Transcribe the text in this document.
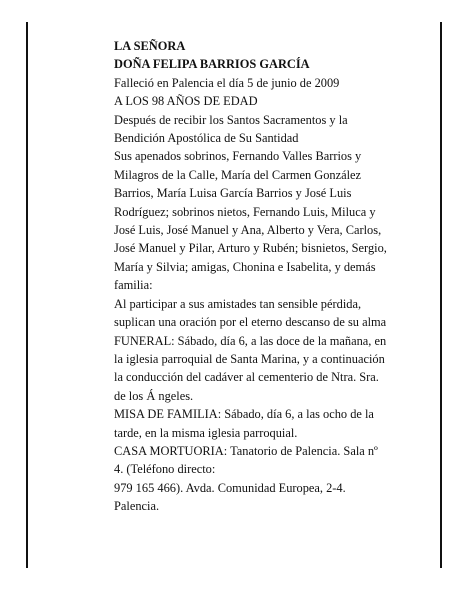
LA SEÑORA

DOÑA FELIPA BARRIOS GARCÍA

Falleció en Palencia el día 5 de junio de 2009

A LOS 98 AÑOS DE EDAD

Después de recibir los Santos Sacramentos y la
Bendición Apostólica de Su Santidad
Sus apenados sobrinos, Fernando Valles Barrios y
Milagros de la Calle, María del Carmen González
Barrios, María Luisa García Barrios y José Luis
Rodríguez; sobrinos nietos, Fernando Luis, Miluca y
José Luis, José Manuel y Ana, Alberto y Vera, Carlos,
José Manuel y Pilar, Arturo y Rubén; bisnietos, Sergio,
María y Silvia; amigas, Chonina e Isabelita, y demás
familia:
Al participar a sus amistades tan sensible pérdida,
suplican una oración por el eterno descanso de su alma
FUNERAL: Sábado, día 6, a las doce de la mañana, en
la iglesia parroquial de Santa Marina, y a continuación
la conducción del cadáver al cementerio de Ntra. Sra.
de los Á ngeles.
MISA DE FAMILIA: Sábado, día 6, a las ocho de la
tarde, en la misma iglesia parroquial.
CASA MORTUORIA: Tanatorio de Palencia. Sala nº
4. (Teléfono directo:
979 165 466). Avda. Comunidad Europea, 2-4.
Palencia.
